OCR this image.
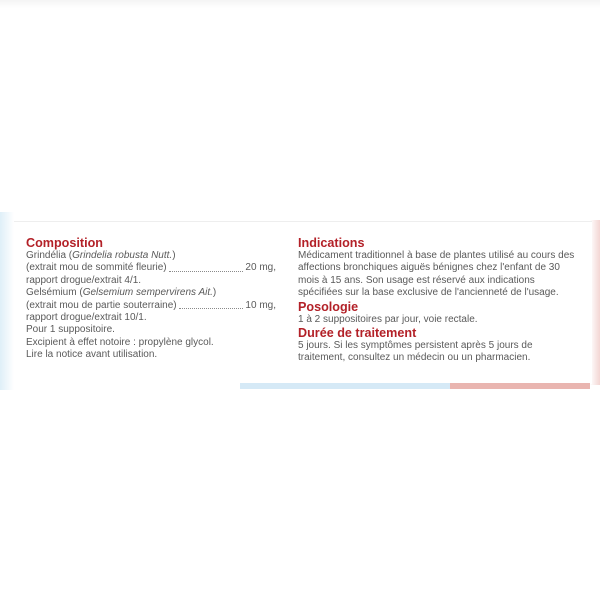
Composition
Grindélia (Grindelia robusta Nutt.)
(extrait mou de sommité fleurie)	20 mg,
rapport drogue/extrait 4/1.
Gelsémium (Gelsemium sempervirens Ait.)
(extrait mou de partie souterraine)	10 mg,
rapport drogue/extrait 10/1.
Pour 1 suppositoire.
Excipient à effet notoire : propylène glycol.
Lire la notice avant utilisation.
Indications
Médicament traditionnel à base de plantes utilisé au cours des affections bronchiques aiguës bénignes chez l'enfant de 30 mois à 15 ans. Son usage est réservé aux indications spécifiées sur la base exclusive de l'ancienneté de l'usage.
Posologie
1 à 2 suppositoires par jour, voie rectale.
Durée de traitement
5 jours. Si les symptômes persistent après 5 jours de traitement, consultez un médecin ou un pharmacien.
